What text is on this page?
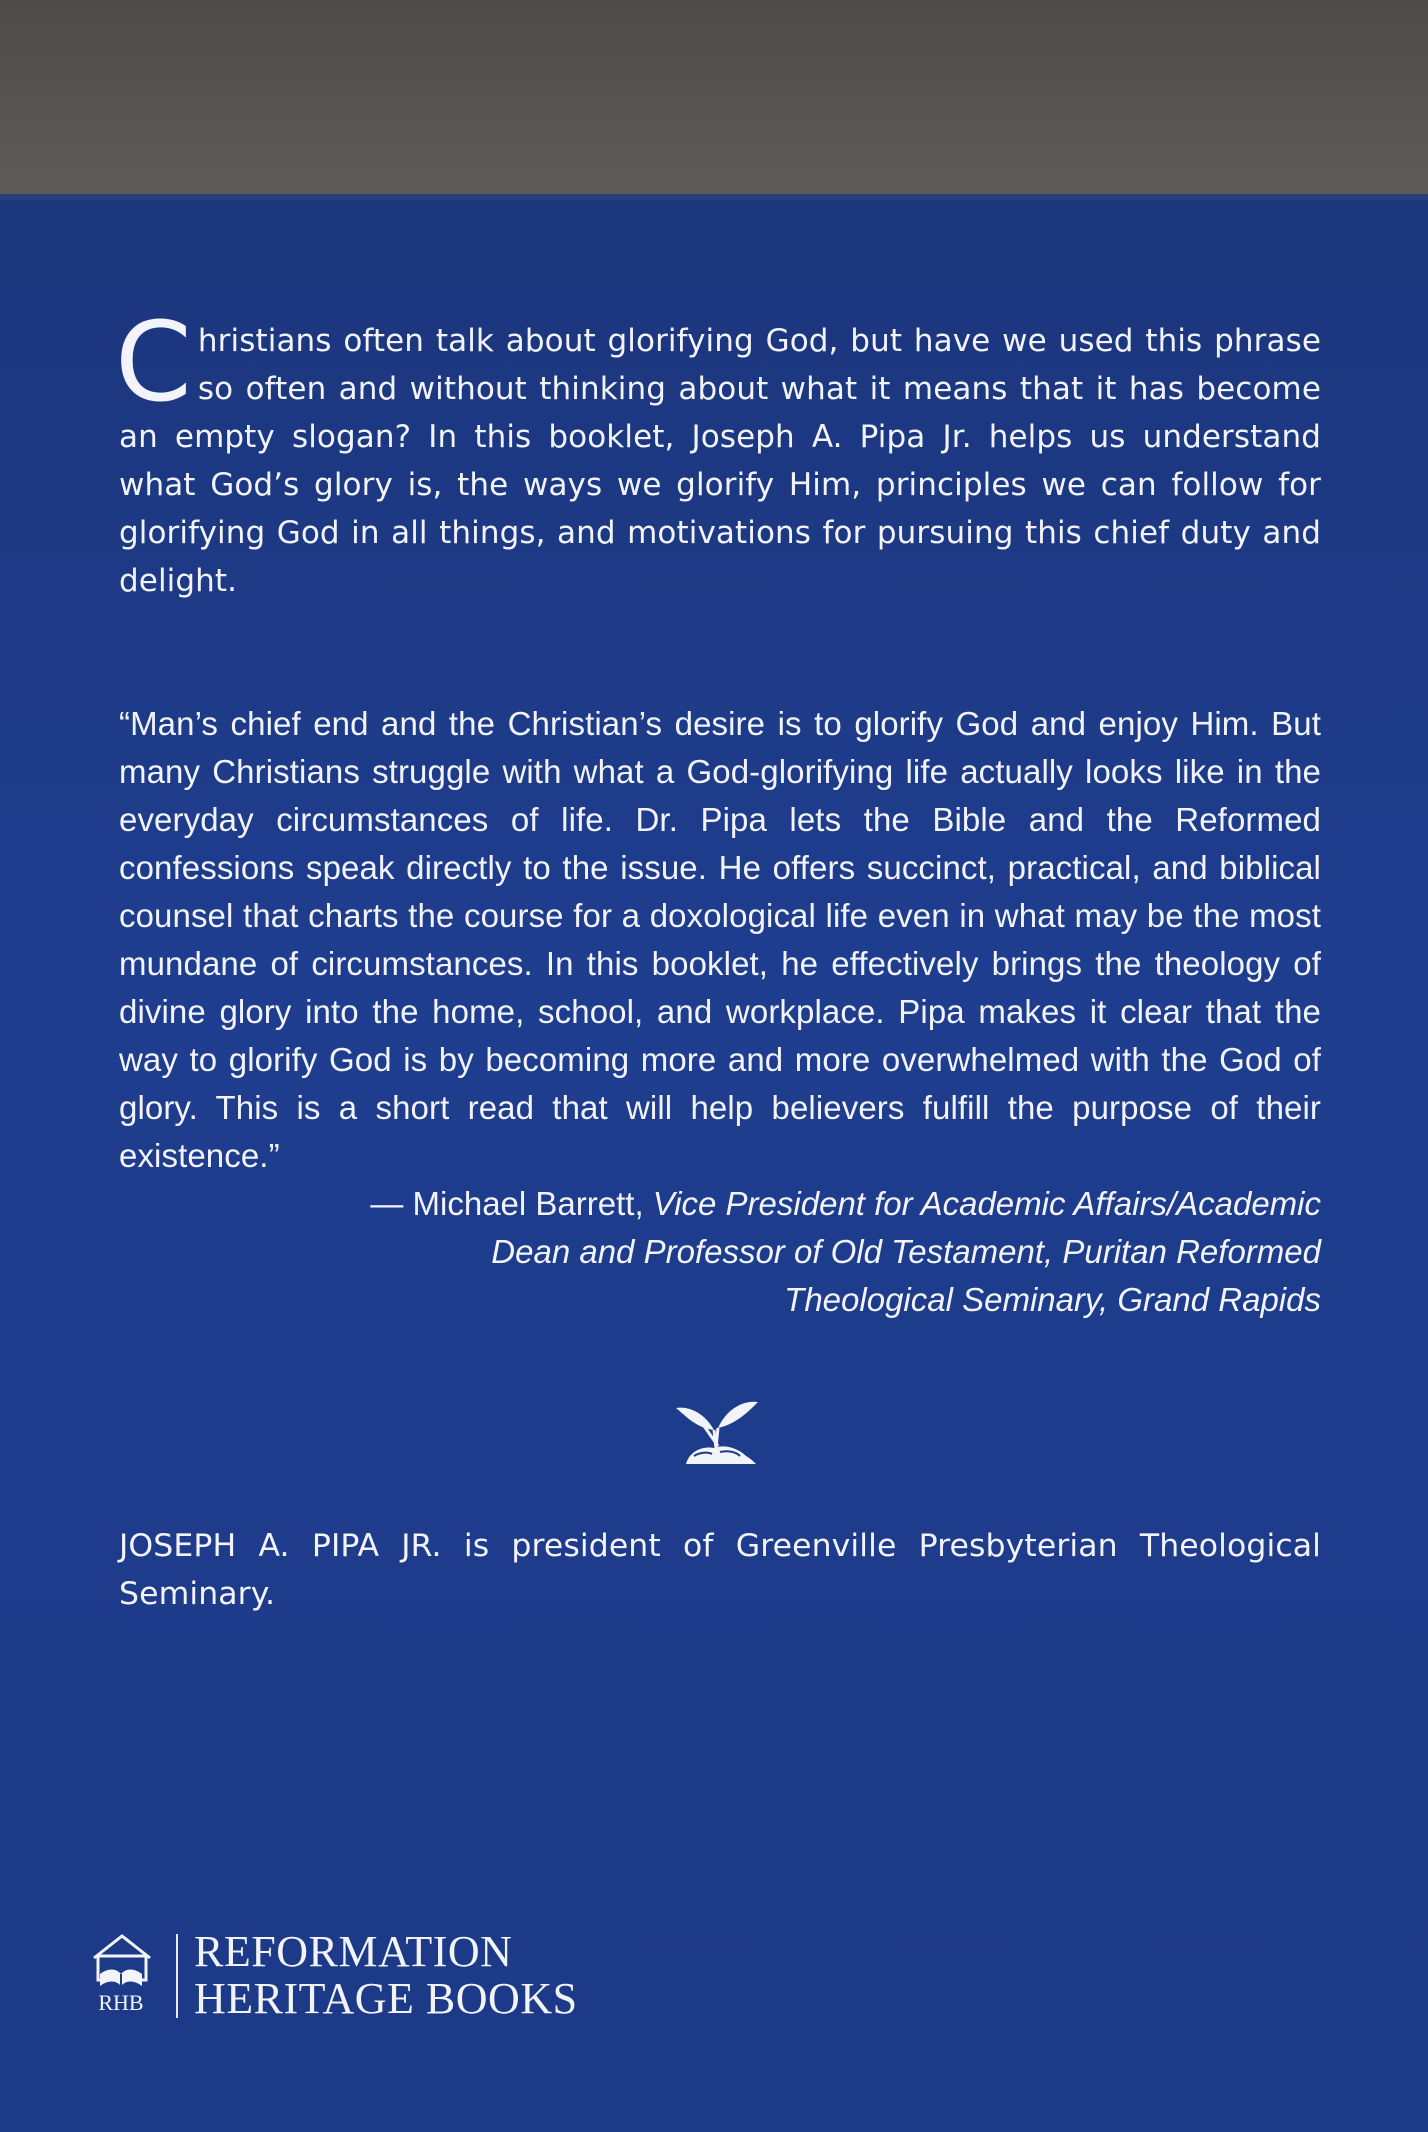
C hristians often talk about glorifying God, but have we used this phrase so often and without thinking about what it means that it has become an empty slogan? In this booklet, Joseph A. Pipa Jr. helps us understand what God’s glory is, the ways we glorify Him, principles we can follow for glorifying God in all things, and motivations for pursuing this chief duty and delight.
“Man’s chief end and the Christian’s desire is to glorify God and enjoy Him. But many Christians struggle with what a God-glorifying life actually looks like in the everyday circumstances of life. Dr. Pipa lets the Bible and the Reformed confessions speak directly to the issue. He offers succinct, practical, and biblical counsel that charts the course for a doxological life even in what may be the most mundane of circumstances. In this booklet, he effectively brings the theology of divine glory into the home, school, and workplace. Pipa makes it clear that the way to glorify God is by becoming more and more overwhelmed with the God of glory. This is a short read that will help believers fulfill the purpose of their existence.”
— Michael Barrett, Vice President for Academic Affairs/Academic
Dean and Professor of Old Testament, Puritan Reformed
Theological Seminary, Grand Rapids
JOSEPH A. PIPA JR. is president of Greenville Presbyterian Theological Seminary.
RHB
REFORMATION
HERITAGE BOOKS
